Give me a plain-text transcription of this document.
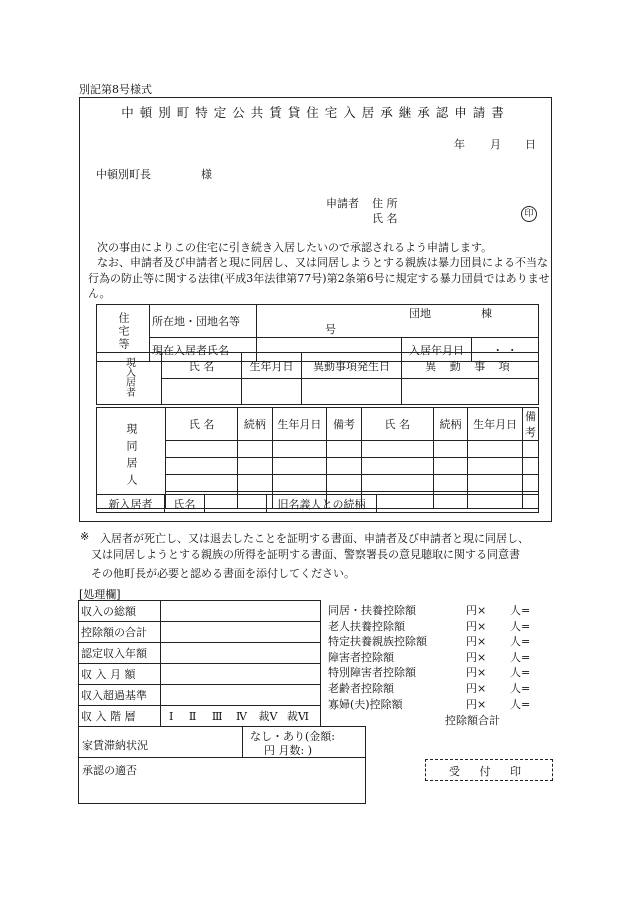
別記第8号様式
中頓別町特定公共賃貸住宅入居承継承認申請書
年 月 日
中頓別町長	様
申請者 住 所
氏 名	印
次の事由によりこの住宅に引き続き入居したいので承認されるよう申請します。
なお、申請者及び申請者と現に同居し、又は同居しようとする親族は暴力団員による不当な行為の防止等に関する法律(平成3年法律第77号)第2条第6号に規定する暴力団員ではありません。
住宅等	所在地・団地名等	団地 棟号		
	現在入居者氏名		入居年月日	・ ・
現入居者	氏 名	生年月日	異動事項発生日	異 動 事 項

現同居人	氏 名	続柄	生年月日	備考	氏 名	続柄	生年月日	備考

新入居者	氏名		旧名義人との続柄	
※ 入居者が死亡し、又は退去したことを証明する書面、申請者及び申請者と現に同居し、
又は同居しようとする親族の所得を証明する書面、警察署長の意見聴取に関する同意書
その他町長が必要と認める書面を添付してください。
[処理欄]
収入の総額	
控除額の合計	
認定収入年額	
収 入 月 額	
収入超過基準	
収 入 階 層	Ⅰ Ⅱ Ⅲ Ⅳ 裁Ⅴ 裁Ⅵ
同居・扶養控除額	円× 人=
老人扶養控除額	円× 人=
特定扶養親族控除額	円× 人=
障害者控除額	円× 人=
特別障害者控除額	円× 人=
老齢者控除額	円× 人=
寡婦(夫)控除額	円× 人=
控除額合計
家賃滞納状況
なし・あり(金額:
円 月数: )
承認の適否	受 付 印
